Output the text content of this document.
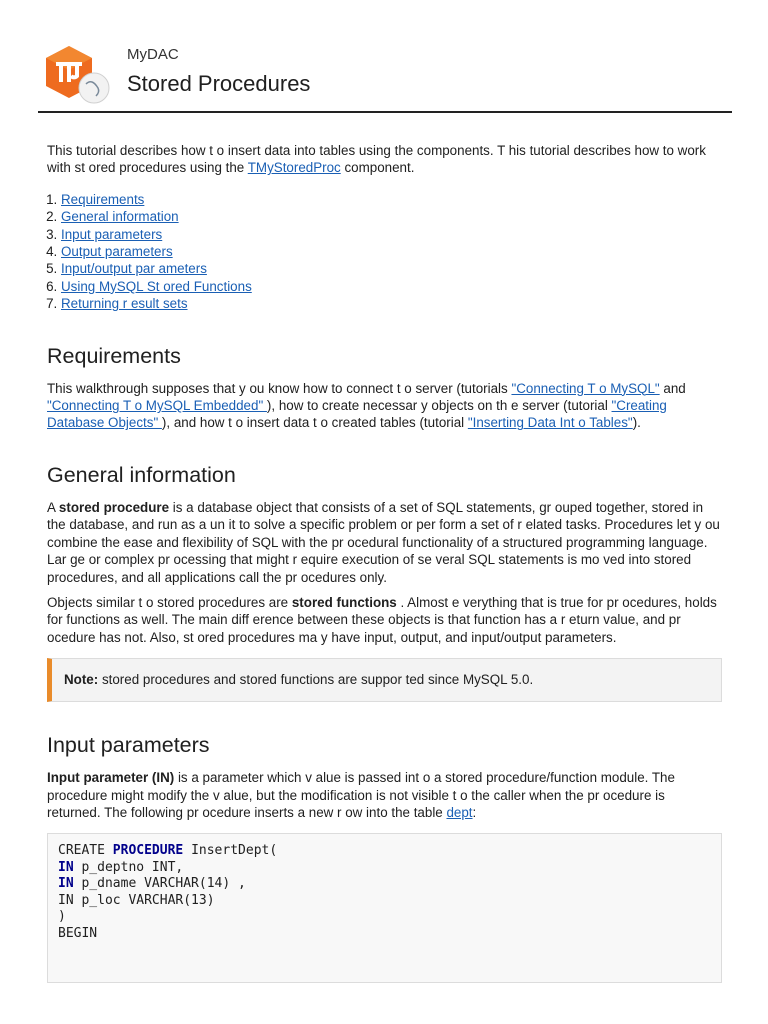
MyDAC
Stored Procedures

This tutorial describes how t o insert data into tables using the components. T his tutorial describes how to work with st ored procedures using the TMyStoredProc component.

1. Requirements
2. General information
3. Input parameters
4. Output parameters
5. Input/output par ameters
6. Using MySQL St ored Functions
7. Returning r esult sets
Requirements

This walkthrough supposes that y ou know how to connect t o server (tutorials "Connecting T o MySQL" and "Connecting T o MySQL Embedded" ), how to create necessar y objects on th e server (tutorial "Creating Database Objects" ), and how t o insert data t o created tables (tutorial "Inserting Data Int o Tables").

General information

A stored procedure is a database object that consists of a set of SQL statements, gr ouped together, stored in the database, and run as a un it to solve a specific problem or per form a set of r elated tasks. Procedures let y ou combine the ease and flexibility of SQL with the pr ocedural functionality of a structured programming language. Lar ge or complex pr ocessing that might r equire execution of se veral SQL statements is mo ved into stored procedures, and all applications call the pr ocedures only.

Objects similar t o stored procedures are stored functions . Almost e verything that is true for pr ocedures, holds for functions as well. The main diff erence between these objects is that function has a r eturn value, and pr ocedure has not. Also, st ored procedures ma y have input, output, and input/output parameters.

Note: stored procedures and stored functions are suppor ted since MySQL 5.0.
Input parameters

Input parameter (IN) is a parameter which v alue is passed int o a stored procedure/function module. The procedure might modify the v alue, but the modification is not visible t o the caller when the pr ocedure is returned. The following pr ocedure inserts a new r ow into the table dept:

CREATE PROCEDURE InsertDept(
IN p_deptno INT,
IN p_dname VARCHAR(14) ,
IN p_loc VARCHAR(13)
)
BEGIN
